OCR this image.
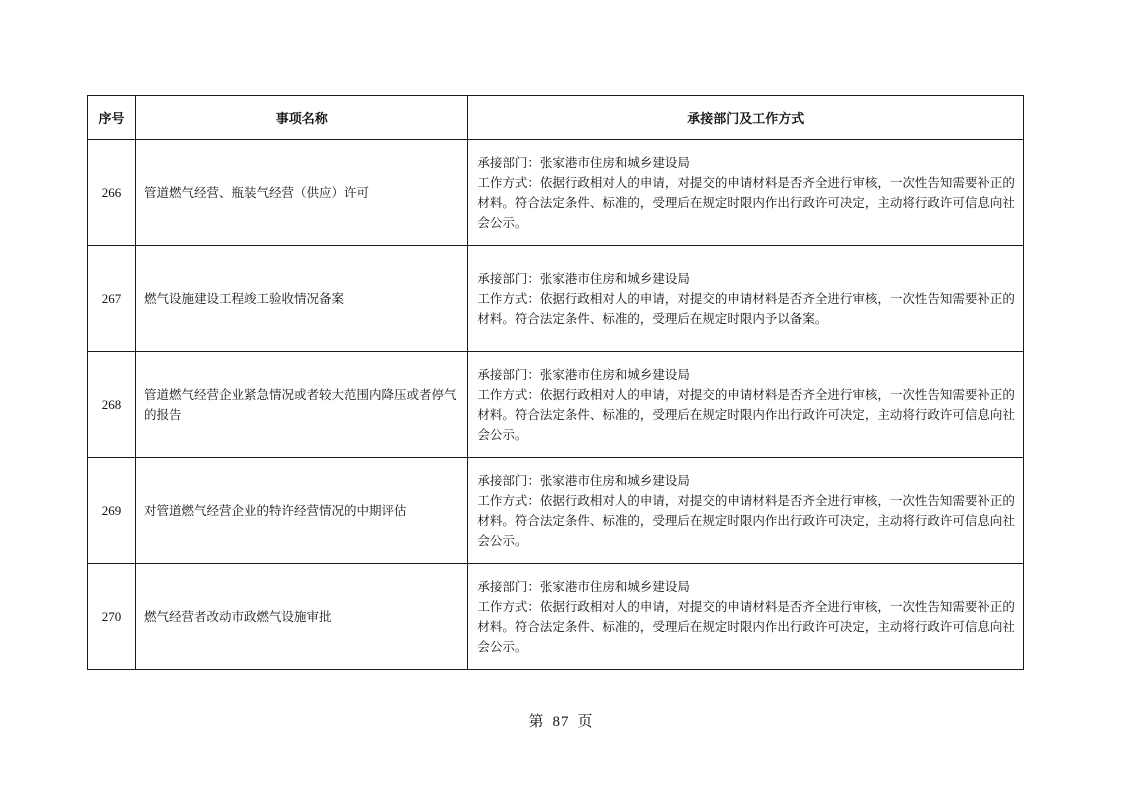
序号	事项名称	承接部门及工作方式
266	管道燃气经营、瓶装气经营（供应）许可	承接部门：张家港市住房和城乡建设局
工作方式：依据行政相对人的申请，对提交的申请材料是否齐全进行审核，一次性告知需要补正的材料。符合法定条件、标准的，受理后在规定时限内作出行政许可决定，主动将行政许可信息向社会公示。

267	燃气设施建设工程竣工验收情况备案	承接部门：张家港市住房和城乡建设局
工作方式：依据行政相对人的申请，对提交的申请材料是否齐全进行审核，一次性告知需要补正的材料。符合法定条件、标准的，受理后在规定时限内予以备案。

268	管道燃气经营企业紧急情况或者较大范围内降压或者停气的报告	承接部门：张家港市住房和城乡建设局
工作方式：依据行政相对人的申请，对提交的申请材料是否齐全进行审核，一次性告知需要补正的材料。符合法定条件、标准的，受理后在规定时限内作出行政许可决定，主动将行政许可信息向社会公示。

269	对管道燃气经营企业的特许经营情况的中期评估	承接部门：张家港市住房和城乡建设局
工作方式：依据行政相对人的申请，对提交的申请材料是否齐全进行审核，一次性告知需要补正的材料。符合法定条件、标准的，受理后在规定时限内作出行政许可决定，主动将行政许可信息向社会公示。

270	燃气经营者改动市政燃气设施审批	承接部门：张家港市住房和城乡建设局
工作方式：依据行政相对人的申请，对提交的申请材料是否齐全进行审核，一次性告知需要补正的材料。符合法定条件、标准的，受理后在规定时限内作出行政许可决定，主动将行政许可信息向社会公示。
第 87 页
